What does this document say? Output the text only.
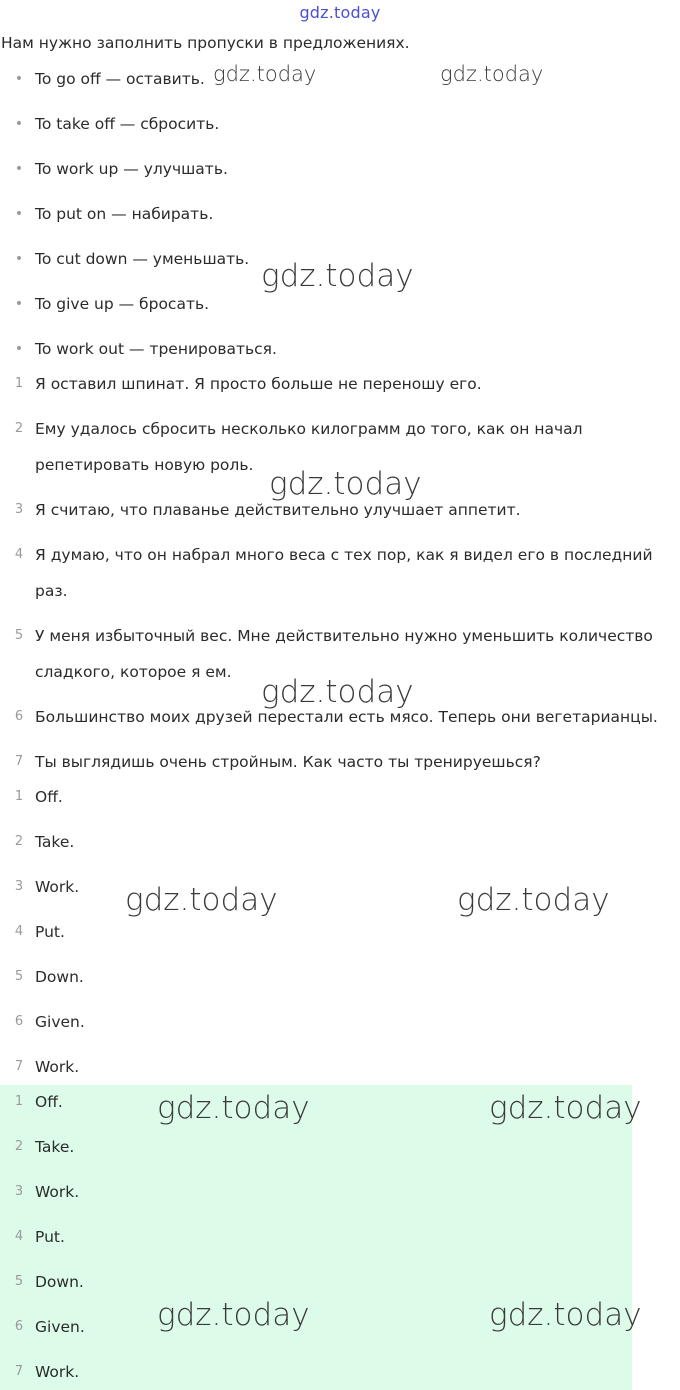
gdz.today
Нам нужно заполнить пропуски в предложениях.
• To go off — оставить.
• To take off — сбросить.
• To work up — улучшать.
• To put on — набирать.
• To cut down — уменьшать.
• To give up — бросать.
• To work out — тренироваться.
1 Я оставил шпинат. Я просто больше не переношу его.
2 Ему удалось сбросить несколько килограмм до того, как он начал
репетировать новую роль.
3 Я считаю, что плаванье действительно улучшает аппетит.
4 Я думаю, что он набрал много веса с тех пор, как я видел его в последний
раз.
5 У меня избыточный вес. Мне действительно нужно уменьшить количество
сладкого, которое я ем.
6 Большинство моих друзей перестали есть мясо. Теперь они вегетарианцы.
7 Ты выглядишь очень стройным. Как часто ты тренируешься?
1 Off.
2 Take.
3 Work.
4 Put.
5 Down.
6 Given.
7 Work.
1 Off.
2 Take.
3 Work.
4 Put.
5 Down.
6 Given.
7 Work.
gdz.today	gdz.today
gdz.today
gdz.today
gdz.today
gdz.today	gdz.today
gdz.today	gdz.today
gdz.today	gdz.today
